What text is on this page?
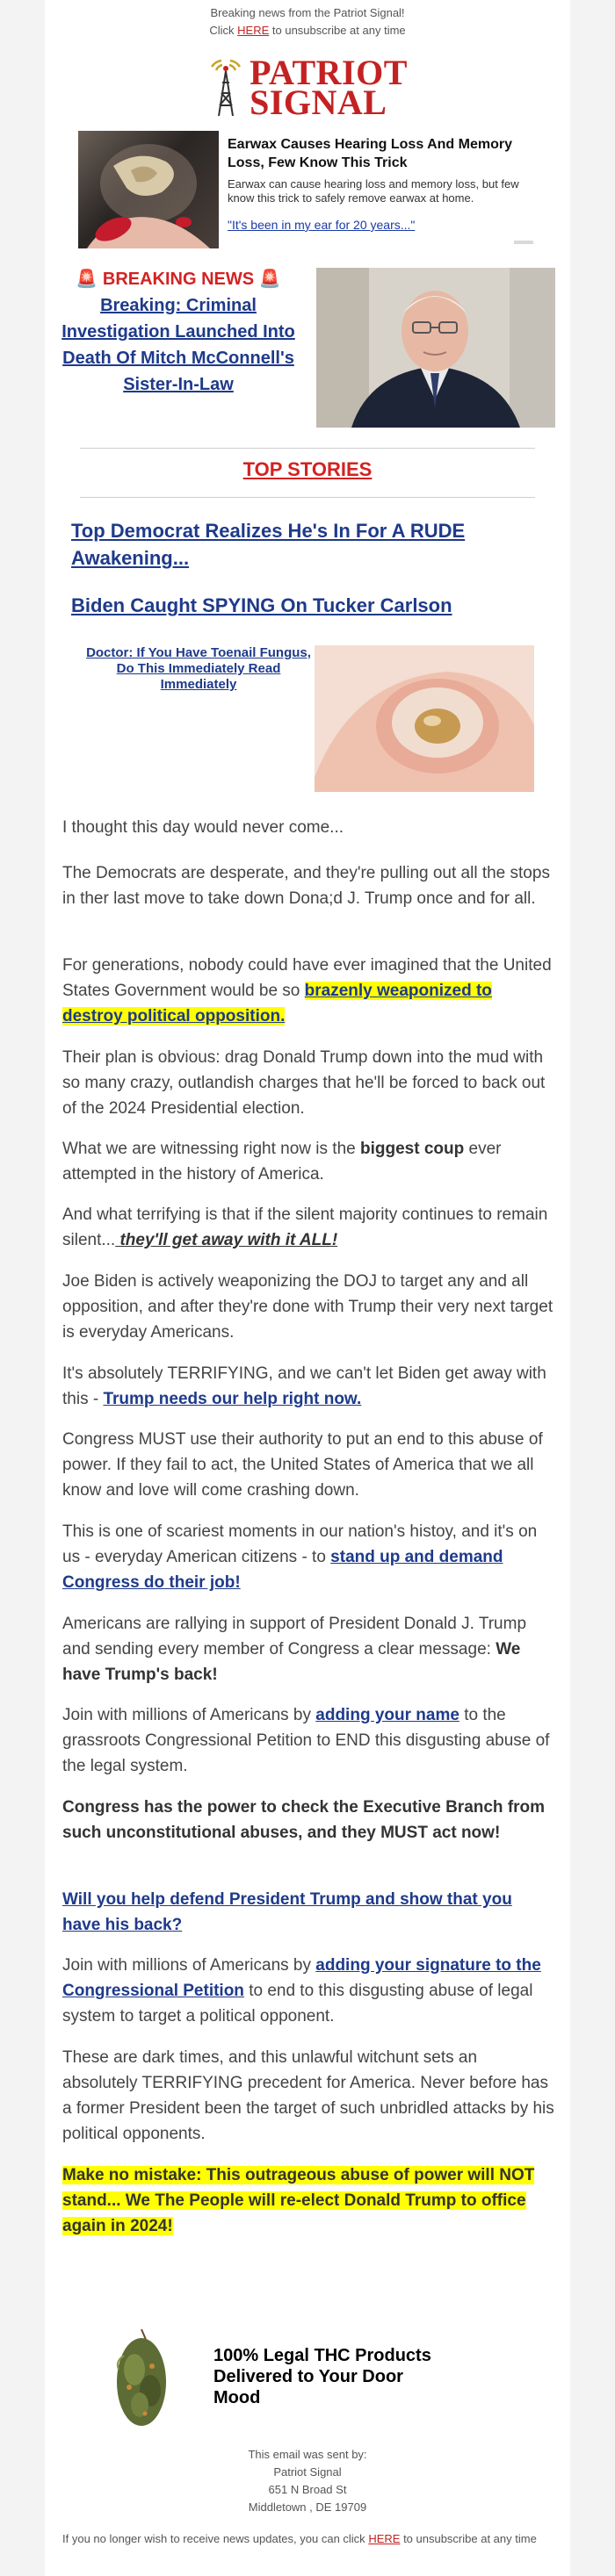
Breaking news from the Patriot Signal!
Click HERE to unsubscribe at any time
PATRIOT
SIGNAL
Earwax Causes Hearing Loss And Memory Loss, Few Know This Trick
Earwax can cause hearing loss and memory loss, but few know this trick to safely remove earwax at home.
"It's been in my ear for 20 years..."
🚨 BREAKING NEWS 🚨
Breaking: Criminal Investigation Launched Into Death Of Mitch McConnell's Sister-In-Law
TOP STORIES
Top Democrat Realizes He's In For A RUDE Awakening...
Biden Caught SPYING On Tucker Carlson
Doctor: If You Have Toenail Fungus, Do This Immediately Read Immediately

I thought this day would never come...

The Democrats are desperate, and they're pulling out all the stops in ther last move to take down Dona;d J. Trump once and for all.

For generations, nobody could have ever imagined that the United States Government would be so brazenly weaponized to destroy political opposition.

Their plan is obvious: drag Donald Trump down into the mud with so many crazy, outlandish charges that he'll be forced to back out of the 2024 Presidential election.

What we are witnessing right now is the biggest coup ever attempted in the history of America.

And what terrifying is that if the silent majority continues to remain silent... they'll get away with it ALL!

Joe Biden is actively weaponizing the DOJ to target any and all opposition, and after they're done with Trump their very next target is everyday Americans.

It's absolutely TERRIFYING, and we can't let Biden get away with this - Trump needs our help right now.

Congress MUST use their authority to put an end to this abuse of power. If they fail to act, the United States of America that we all know and love will come crashing down.

This is one of scariest moments in our nation's histoy, and it's on us - everyday American citizens - to stand up and demand Congress do their job!

Americans are rallying in support of President Donald J. Trump and sending every member of Congress a clear message: We have Trump's back!

Join with millions of Americans by adding your name to the grassroots Congressional Petition to END this disgusting abuse of the legal system.

Congress has the power to check the Executive Branch from such unconstitutional abuses, and they MUST act now!

Will you help defend President Trump and show that you have his back?

Join with millions of Americans by adding your signature to the Congressional Petition to end to this disgusting abuse of legal system to target a political opponent.

These are dark times, and this unlawful witchunt sets an absolutely TERRIFYING precedent for America. Never before has a former President been the target of such unbridled attacks by his political opponents.

Make no mistake: This outrageous abuse of power will NOT stand... We The People will re-elect Donald Trump to office again in 2024!

100% Legal THC Products Delivered to Your Door
Mood
This email was sent by:
Patriot Signal
651 N Broad St
Middletown , DE 19709
If you no longer wish to receive news updates, you can click HERE to unsubscribe at any time
